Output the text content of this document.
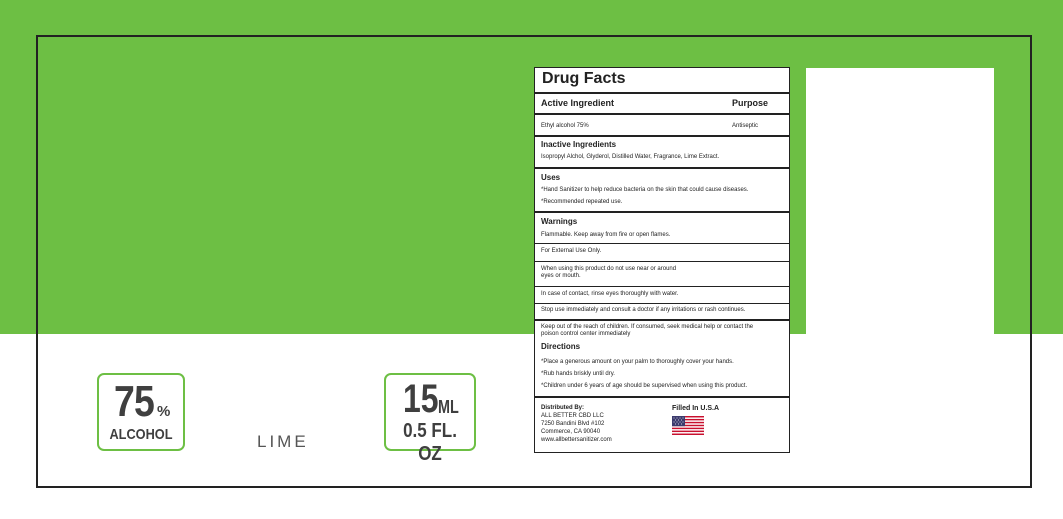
75 %
ALCOHOL	LIME
15 ML
0.5 FL. OZ
Drug Facts
Active Ingredient	Purpose
Ethyl alcohol 75%	Antiseptic
Inactive Ingredients
Isopropyl Alchol, Glyderol, Distilled Water, Fragrance, Lime Extract.
Uses
*Hand Sanitizer to help reduce bacteria on the skin that could cause diseases.
*Recommended repeated use.
Warnings
Flammable. Keep away from fire or open flames.
For External Use Only.
When using this product do not use near or around
eyes or mouth.
In case of contact, rinse eyes thoroughly with water.
Stop use immediately and consult a doctor if any irritations or rash continues.
Keep out of the reach of children. If consumed, seek medical help or contact the
poison control center immediately
Directions
*Place a generous amount on your palm to thoroughly cover your hands.
*Rub hands briskly until dry.
*Children under 6 years of age should be supervised when using this product.
Distributed By:
ALL BETTER CBD LLC
7250 Bandini Blvd #102
Commerce, CA 90040
www.allbettersanitizer.com
Filled In U.S.A
